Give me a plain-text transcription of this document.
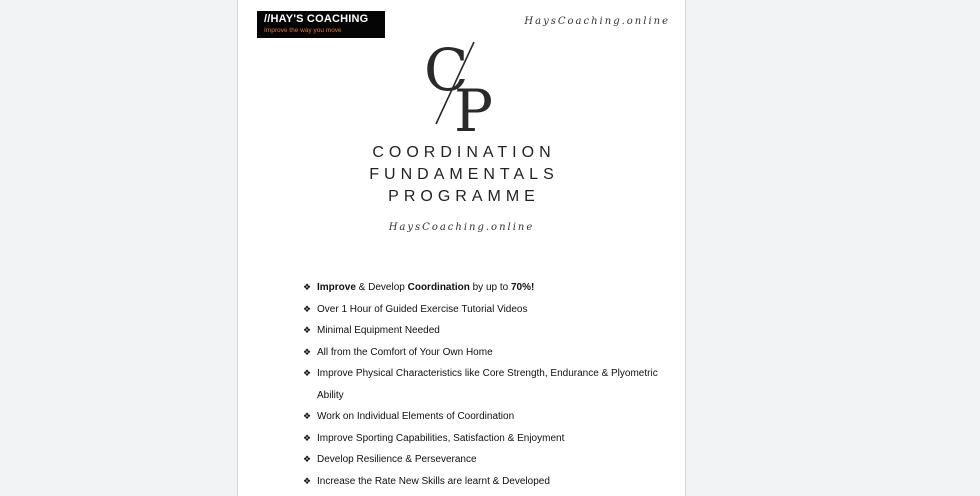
//HAY'S COACHING
Improve the way you move
HaysCoaching.online
C
P
COORDINATION
FUNDAMENTALS
PROGRAMME
HaysCoaching.online
❖ Improve & Develop Coordination by up to 70%!
❖ Over 1 Hour of Guided Exercise Tutorial Videos
❖ Minimal Equipment Needed
❖ All from the Comfort of Your Own Home
❖ Improve Physical Characteristics like Core Strength, Endurance & Plyometric Ability
❖ Work on Individual Elements of Coordination
❖ Improve Sporting Capabilities, Satisfaction & Enjoyment
❖ Develop Resilience & Perseverance
❖ Increase the Rate New Skills are learnt & Developed
